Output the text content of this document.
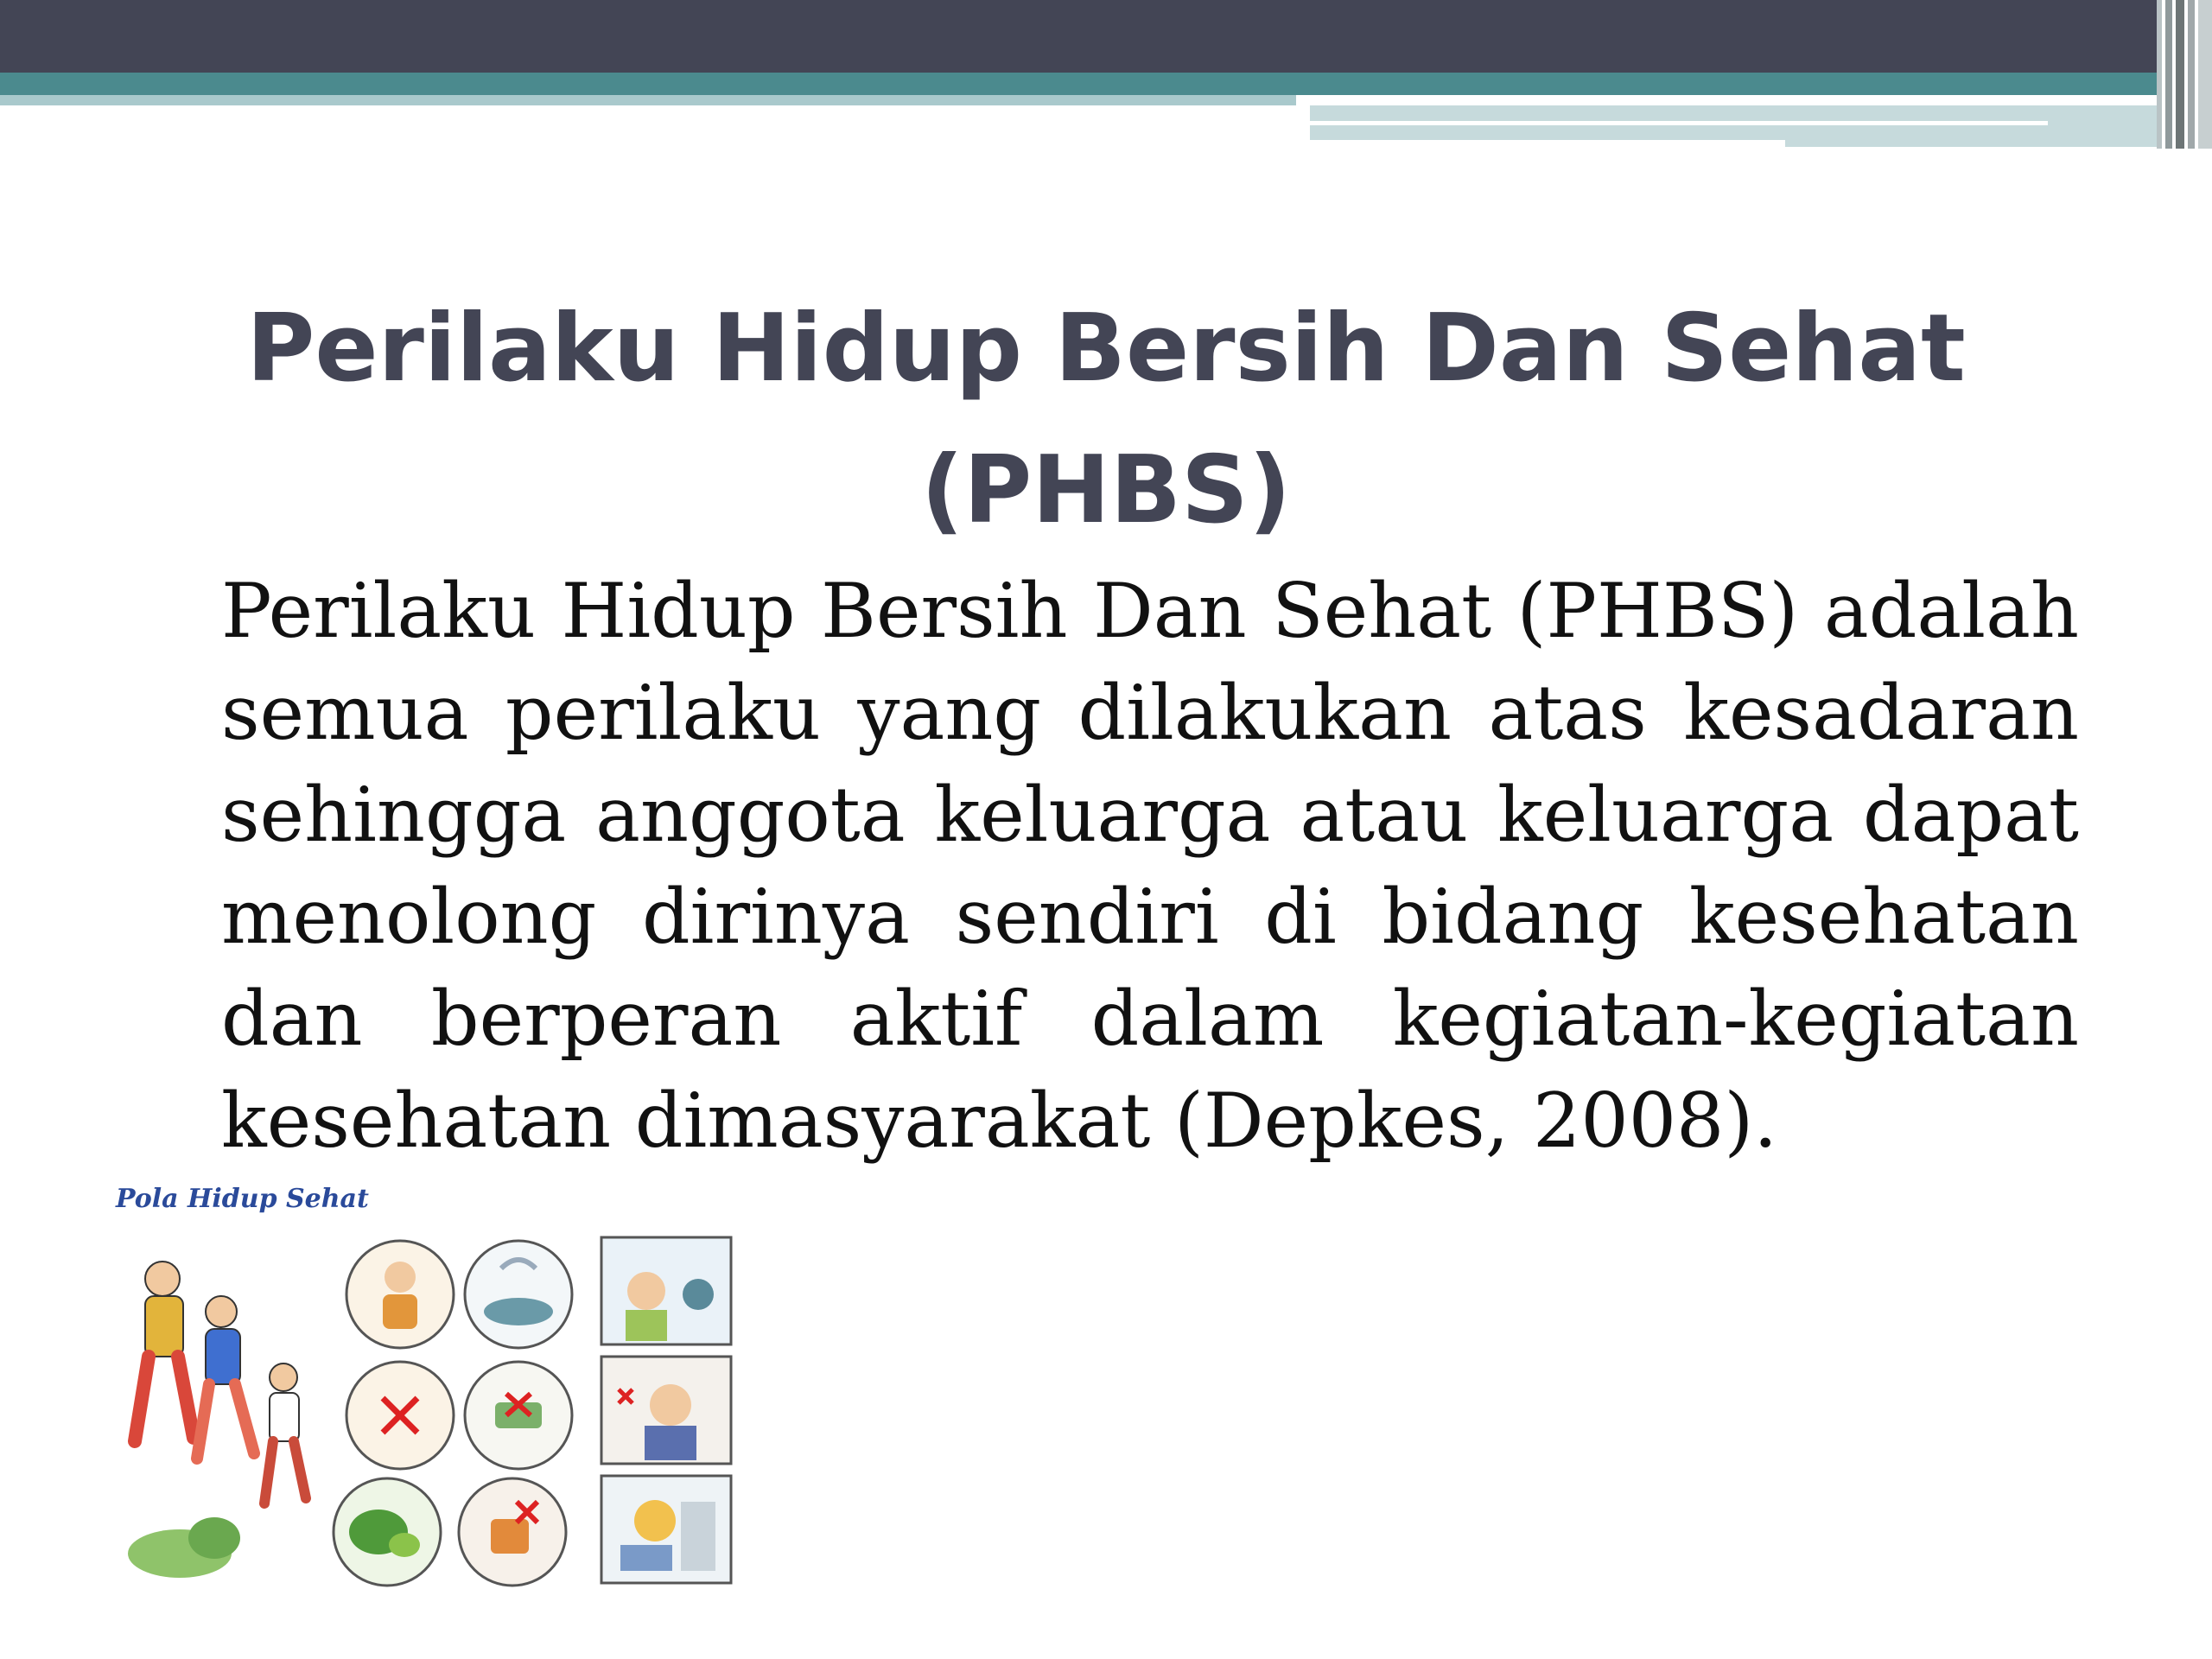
Perilaku Hidup Bersih Dan Sehat
(PHBS)

Perilaku Hidup Bersih Dan Sehat (PHBS) adalah semua perilaku yang dilakukan atas kesadaran sehingga anggota keluarga atau keluarga dapat menolong dirinya sendiri di bidang kesehatan dan berperan aktif dalam kegiatan-kegiatan kesehatan dimasyarakat (Depkes, 2008).

Pola Hidup Sehat
